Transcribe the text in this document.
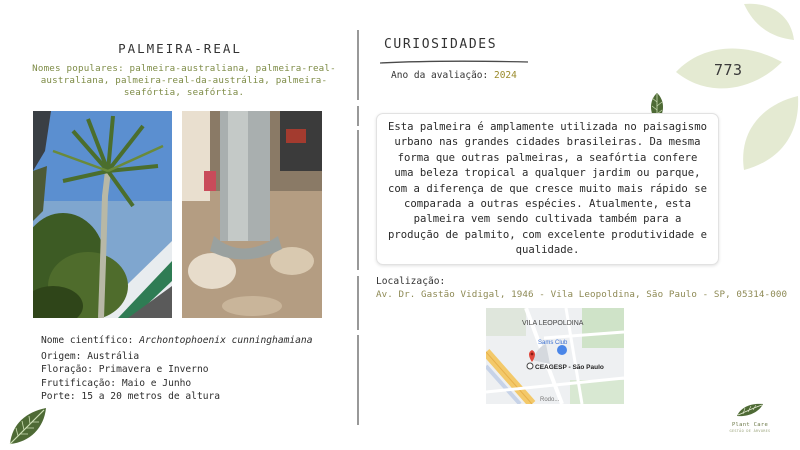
PALMEIRA-REAL
Nomes populares: palmeira-australiana, palmeira-real-australiana, palmeira-real-da-austrália, palmeira-seafórtia, seafórtia.
Nome científico: Archontophoenix cunninghamiana
Origem: Austrália
Floração: Primavera e Inverno
Frutificação: Maio e Junho
Porte: 15 a 20 metros de altura
CURIOSIDADES
Ano da avaliação: 2024	773
Esta palmeira é amplamente utilizada no paisagismo urbano nas grandes cidades brasileiras. Da mesma forma que outras palmeiras, a seafórtia confere uma beleza tropical a qualquer jardim ou parque, com a diferença de que cresce muito mais rápido se comparada a outras espécies. Atualmente, esta palmeira vem sendo cultivada também para a produção de palmito, com excelente produtividade e qualidade.
Localização:
Av. Dr. Gastão Vidigal, 1946 - Vila Leopoldina, São Paulo - SP, 05314-000
VILA LEOPOLDINA
Sams Club
CEAGESP - São Paulo
Rodo...
Plant Care
GESTÃO DE ÁRVORES
